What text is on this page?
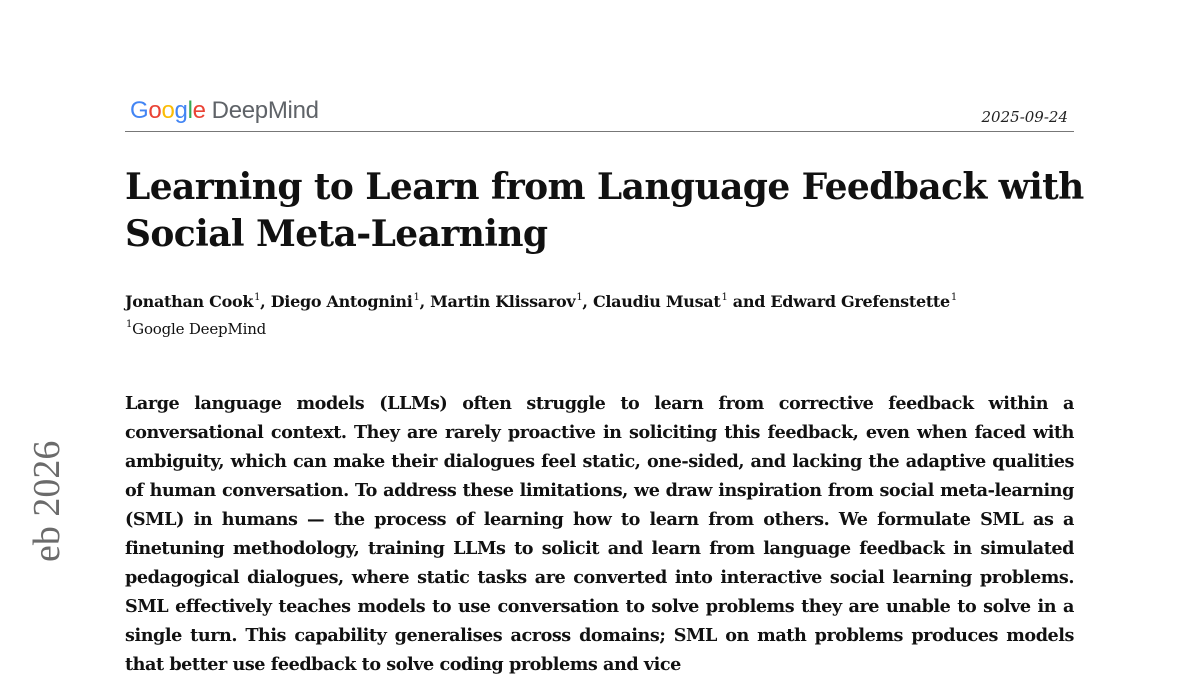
Google DeepMind	2025-09-24
Learning to Learn from Language Feedback with
Social Meta-Learning
Jonathan Cook$^1$, Diego Antognini$^1$, Martin Klissarov$^1$, Claudiu Musat$^1$ and Edward Grefenstette$^1$
$^1$Google DeepMind

Large language models (LLMs) often struggle to learn from corrective feedback within a conversational context. They are rarely proactive in soliciting this feedback, even when faced with ambiguity, which can make their dialogues feel static, one-sided, and lacking the adaptive qualities of human conversation. To address these limitations, we draw inspiration from social meta-learning (SML) in humans — the process of learning how to learn from others. We formulate SML as a finetuning methodology, training LLMs to solicit and learn from language feedback in simulated pedagogical dialogues, where static tasks are converted into interactive social learning problems. SML effectively teaches models to use conversation to solve problems they are unable to solve in a single turn. This capability generalises across domains; SML on math problems produces models that better use feedback to solve coding problems and vice

eb 2026
